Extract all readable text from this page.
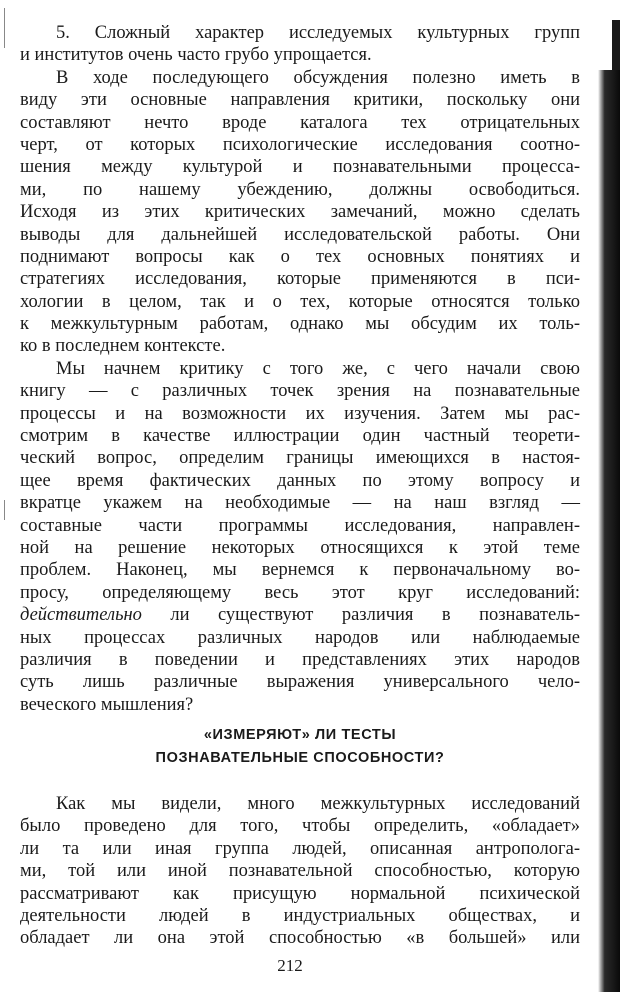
5. Сложный характер исследуемых культурных групп
и институтов очень часто грубо упрощается.
В ходе последующего обсуждения полезно иметь в
виду эти основные направления критики, поскольку они
составляют нечто вроде каталога тех отрицательных
черт, от которых психологические исследования соотно-
шения между культурой и познавательными процесса-
ми, по нашему убеждению, должны освободиться.
Исходя из этих критических замечаний, можно сделать
выводы для дальнейшей исследовательской работы. Они
поднимают вопросы как о тех основных понятиях и
стратегиях исследования, которые применяются в пси-
хологии в целом, так и о тех, которые относятся только
к межкультурным работам, однако мы обсудим их толь-
ко в последнем контексте.
Мы начнем критику с того же, с чего начали свою
книгу — с различных точек зрения на познавательные
процессы и на возможности их изучения. Затем мы рас-
смотрим в качестве иллюстрации один частный теорети-
ческий вопрос, определим границы имеющихся в настоя-
щее время фактических данных по этому вопросу и
вкратце укажем на необходимые — на наш взгляд —
составные части программы исследования, направлен-
ной на решение некоторых относящихся к этой теме
проблем. Наконец, мы вернемся к первоначальному во-
просу, определяющему весь этот круг исследований:
действительно ли существуют различия в познаватель-
ных процессах различных народов или наблюдаемые
различия в поведении и представлениях этих народов
суть лишь различные выражения универсального чело-
веческого мышления?
«ИЗМЕРЯЮТ» ЛИ ТЕСТЫ
ПОЗНАВАТЕЛЬНЫЕ СПОСОБНОСТИ?
Как мы видели, много межкультурных исследований
было проведено для того, чтобы определить, «обладает»
ли та или иная группа людей, описанная антропологa-
ми, той или иной познавательной способностью, которую
рассматривают как присущую нормальной психической
деятельности людей в индустриальных обществах, и
обладает ли она этой способностью «в большей» или
212
